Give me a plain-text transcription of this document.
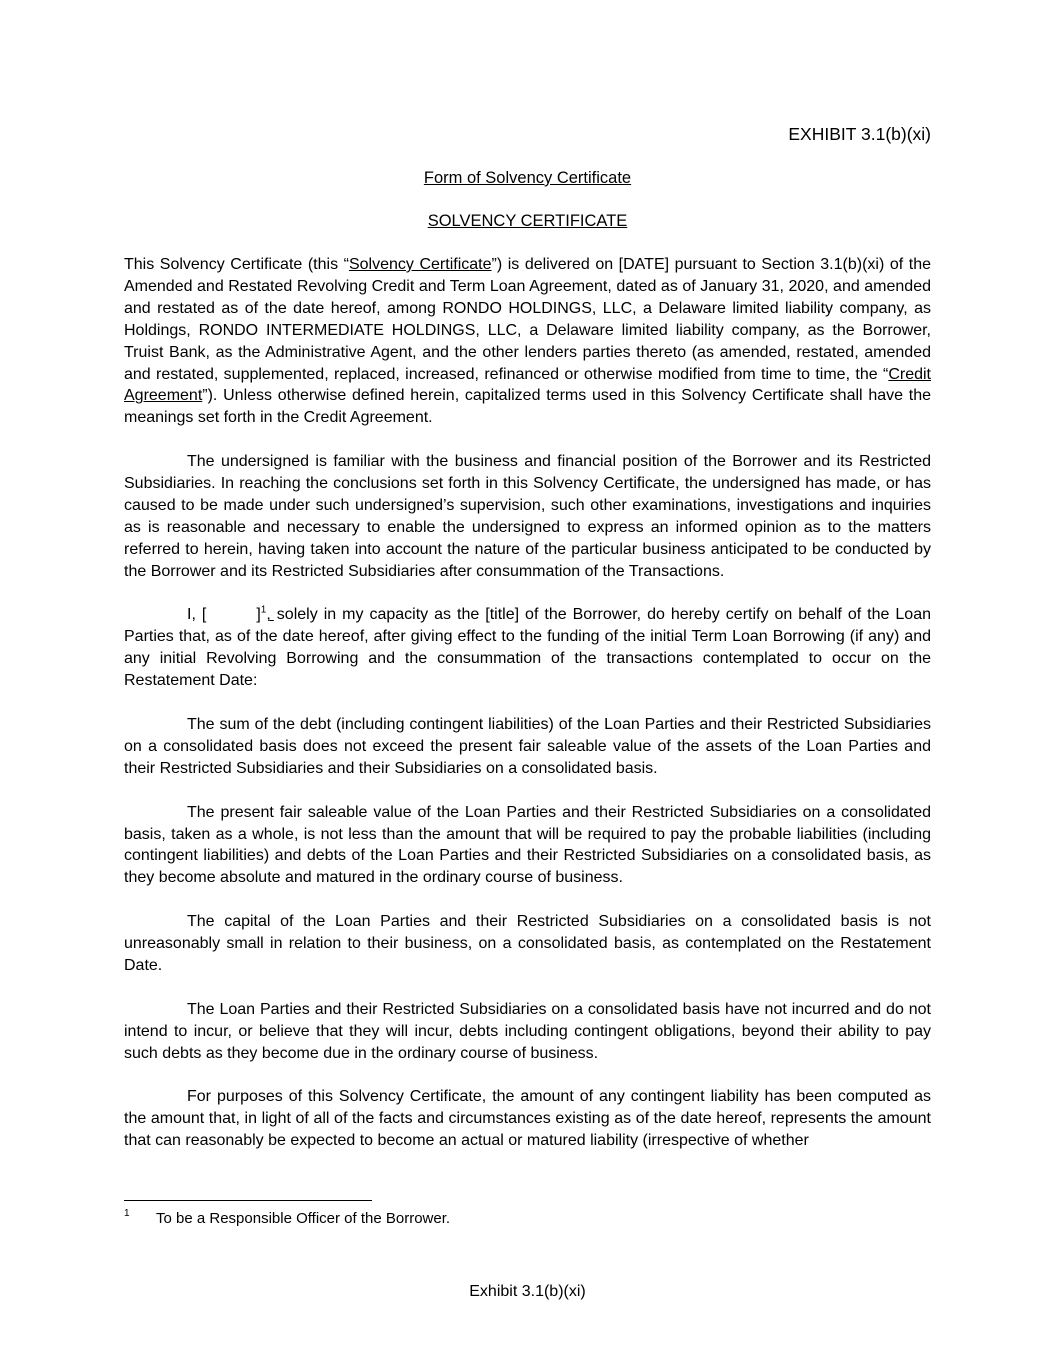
EXHIBIT 3.1(b)(xi)
Form of Solvency Certificate
SOLVENCY CERTIFICATE

This Solvency Certificate (this “Solvency Certificate”) is delivered on [DATE] pursuant to Section 3.1(b)(xi) of the Amended and Restated Revolving Credit and Term Loan Agreement, dated as of January 31, 2020, and amended and restated as of the date hereof, among RONDO HOLDINGS, LLC, a Delaware limited liability company, as Holdings, RONDO INTERMEDIATE HOLDINGS, LLC, a Delaware limited liability company, as the Borrower, Truist Bank, as the Administrative Agent, and the other lenders parties thereto (as amended, restated, amended and restated, supplemented, replaced, increased, refinanced or otherwise modified from time to time, the “Credit Agreement”). Unless otherwise defined herein, capitalized terms used in this Solvency Certificate shall have the meanings set forth in the Credit Agreement.

The undersigned is familiar with the business and financial position of the Borrower and its Restricted Subsidiaries. In reaching the conclusions set forth in this Solvency Certificate, the undersigned has made, or has caused to be made under such undersigned’s supervision, such other examinations, investigations and inquiries as is reasonable and necessary to enable the undersigned to express an informed opinion as to the matters referred to herein, having taken into account the nature of the particular business anticipated to be conducted by the Borrower and its Restricted Subsidiaries after consummation of the Transactions.

I, [	]$^1$, solely in my capacity as the [title] of the Borrower, do hereby certify on behalf of the Loan Parties that, as of the date hereof, after giving effect to the funding of the initial Term Loan Borrowing (if any) and any initial Revolving Borrowing and the consummation of the transactions contemplated to occur on the Restatement Date:

The sum of the debt (including contingent liabilities) of the Loan Parties and their Restricted Subsidiaries on a consolidated basis does not exceed the present fair saleable value of the assets of the Loan Parties and their Restricted Subsidiaries and their Subsidiaries on a consolidated basis.

The present fair saleable value of the Loan Parties and their Restricted Subsidiaries on a consolidated basis, taken as a whole, is not less than the amount that will be required to pay the probable liabilities (including contingent liabilities) and debts of the Loan Parties and their Restricted Subsidiaries on a consolidated basis, as they become absolute and matured in the ordinary course of business.

The capital of the Loan Parties and their Restricted Subsidiaries on a consolidated basis is not unreasonably small in relation to their business, on a consolidated basis, as contemplated on the Restatement Date.

The Loan Parties and their Restricted Subsidiaries on a consolidated basis have not incurred and do not intend to incur, or believe that they will incur, debts including contingent obligations, beyond their ability to pay such debts as they become due in the ordinary course of business.

For purposes of this Solvency Certificate, the amount of any contingent liability has been computed as the amount that, in light of all of the facts and circumstances existing as of the date hereof, represents the amount that can reasonably be expected to become an actual or matured liability (irrespective of whether

1	To be a Responsible Officer of the Borrower.
Exhibit 3.1(b)(xi)
